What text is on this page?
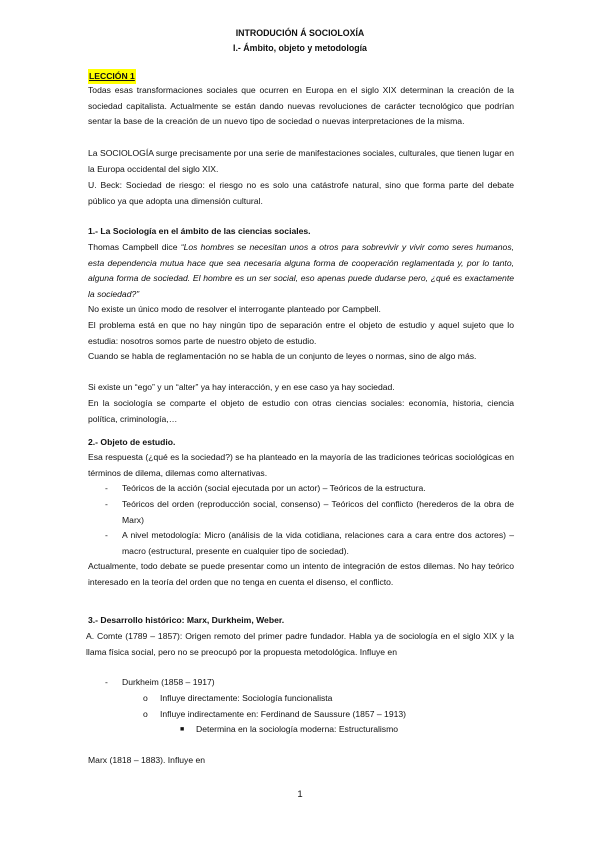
INTRODUCIÓN Á SOCIOLOXÍA
I.- Ámbito, objeto y metodología
LECCIÓN 1
Todas esas transformaciones sociales que ocurren en Europa en el siglo XIX determinan la creación de la sociedad capitalista. Actualmente se están dando nuevas revoluciones de carácter tecnológico que podrían sentar la base de la creación de un nuevo tipo de sociedad o nuevas interpretaciones de la misma.
La SOCIOLOGÍA surge precisamente por una serie de manifestaciones sociales, culturales, que tienen lugar en la Europa occidental del siglo XIX.
U. Beck: Sociedad de riesgo: el riesgo no es solo una catástrofe natural, sino que forma parte del debate público ya que adopta una dimensión cultural.
1.- La Sociología en el ámbito de las ciencias sociales.
Thomas Campbell dice “Los hombres se necesitan unos a otros para sobrevivir y vivir como seres humanos, esta dependencia mutua hace que sea necesaria alguna forma de cooperación reglamentada y, por lo tanto, alguna forma de sociedad. El hombre es un ser social, eso apenas puede dudarse pero, ¿qué es exactamente la sociedad?”
No existe un único modo de resolver el interrogante planteado por Campbell.
El problema está en que no hay ningún tipo de separación entre el objeto de estudio y aquel sujeto que lo estudia: nosotros somos parte de nuestro objeto de estudio.
Cuando se habla de reglamentación no se habla de un conjunto de leyes o normas, sino de algo más.
Si existe un “ego” y un “alter” ya hay interacción, y en ese caso ya hay sociedad.
En la sociología se comparte el objeto de estudio con otras ciencias sociales: economía, historia, ciencia política, criminología,…
2.- Objeto de estudio.
Esa respuesta (¿qué es la sociedad?) se ha planteado en la mayoría de las tradiciones teóricas sociológicas en términos de dilema, dilemas como alternativas.
- Teóricos de la acción (social ejecutada por un actor) – Teóricos de la estructura.
- Teóricos del orden (reproducción social, consenso) – Teóricos del conflicto (herederos de la obra de Marx)
- A nivel metodología: Micro (análisis de la vida cotidiana, relaciones cara a cara entre dos actores) – macro (estructural, presente en cualquier tipo de sociedad).
Actualmente, todo debate se puede presentar como un intento de integración de estos dilemas. No hay teórico interesado en la teoría del orden que no tenga en cuenta el disenso, el conflicto.
3.- Desarrollo histórico: Marx, Durkheim, Weber.
A. Comte (1789 – 1857): Origen remoto del primer padre fundador. Habla ya de sociología en el siglo XIX y la llama física social, pero no se preocupó por la propuesta metodológica. Influye en
- Durkheim (1858 – 1917)
o Influye directamente: Sociología funcionalista
o Influye indirectamente en: Ferdinand de Saussure (1857 – 1913)
■ Determina en la sociología moderna: Estructuralismo
Marx (1818 – 1883). Influye en
1
